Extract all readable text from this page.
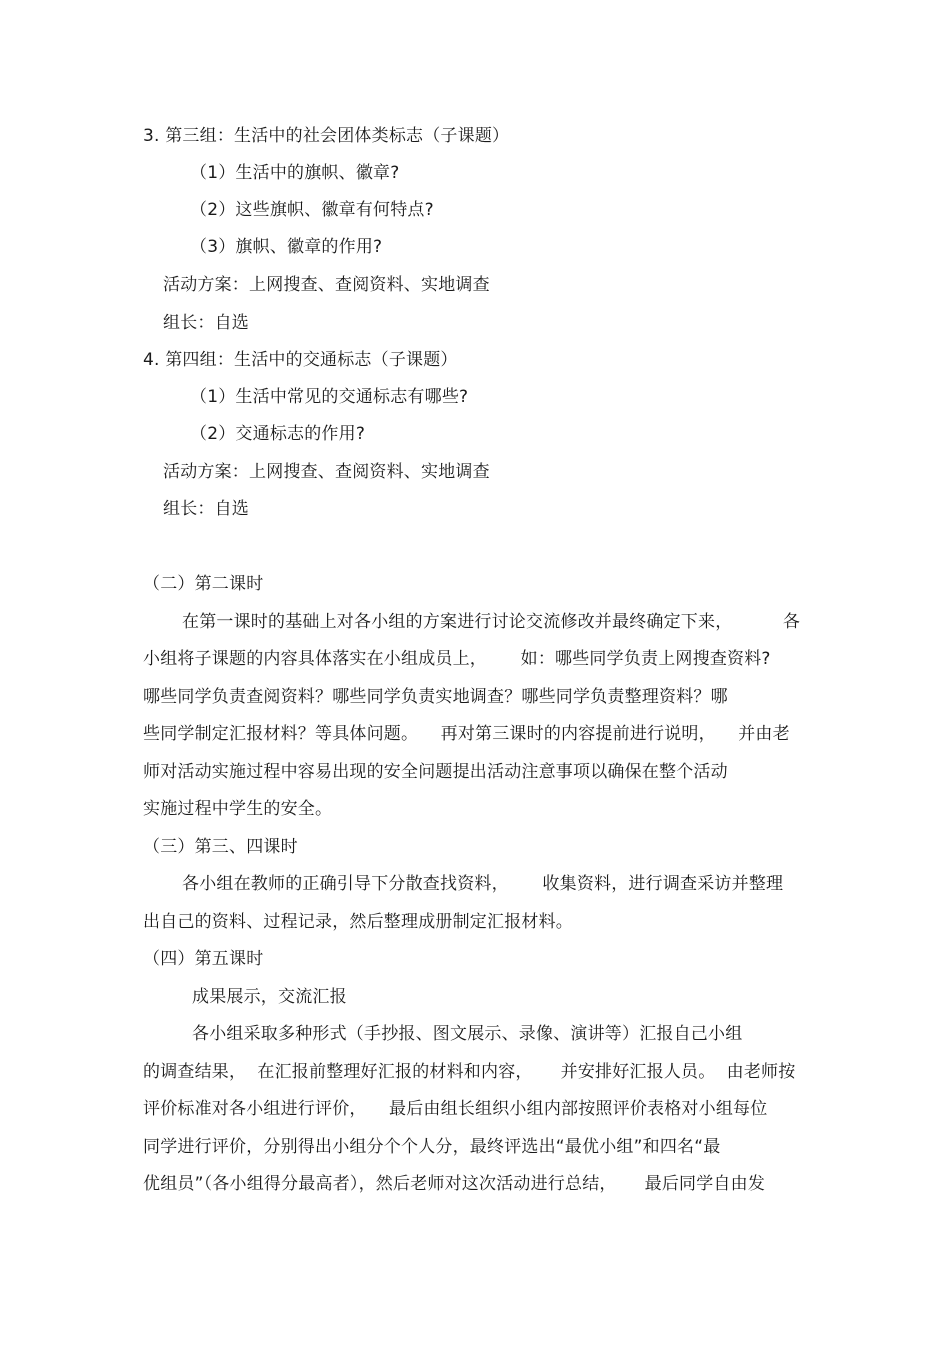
3. 第三组：生活中的社会团体类标志（子课题）
（1）生活中的旗帜、徽章?
（2）这些旗帜、徽章有何特点?
（3）旗帜、徽章的作用?
活动方案：上网搜查、查阅资料、实地调查
组长：自选
4. 第四组：生活中的交通标志（子课题）
（1）生活中常见的交通标志有哪些?
（2）交通标志的作用?
活动方案：上网搜查、查阅资料、实地调查
组长：自选
（二）第二课时
在第一课时的基础上对各小组的方案进行讨论交流修改并最终确定下来，         各
小组将子课题的内容具体落实在小组成员上，      如：哪些同学负责上网搜查资料?
哪些同学负责查阅资料？哪些同学负责实地调查？哪些同学负责整理资料？哪
些同学制定汇报材料？等具体问题。    再对第三课时的内容提前进行说明，    并由老
师对活动实施过程中容易出现的安全问题提出活动注意事项以确保在整个活动
实施过程中学生的安全。
（三）第三、四课时
各小组在教师的正确引导下分散查找资料，      收集资料，进行调查采访并整理
出自己的资料、过程记录，然后整理成册制定汇报材料。
（四）第五课时
成果展示，交流汇报
各小组采取多种形式（手抄报、图文展示、录像、演讲等）汇报自己小组
的调查结果，  在汇报前整理好汇报的材料和内容，     并安排好汇报人员。  由老师按
评价标准对各小组进行评价，    最后由组长组织小组内部按照评价表格对小组每位
同学进行评价，分别得出小组分个个人分，最终评选出“最优小组”和四名“最
优组员”（各小组得分最高者），然后老师对这次活动进行总结，     最后同学自由发
